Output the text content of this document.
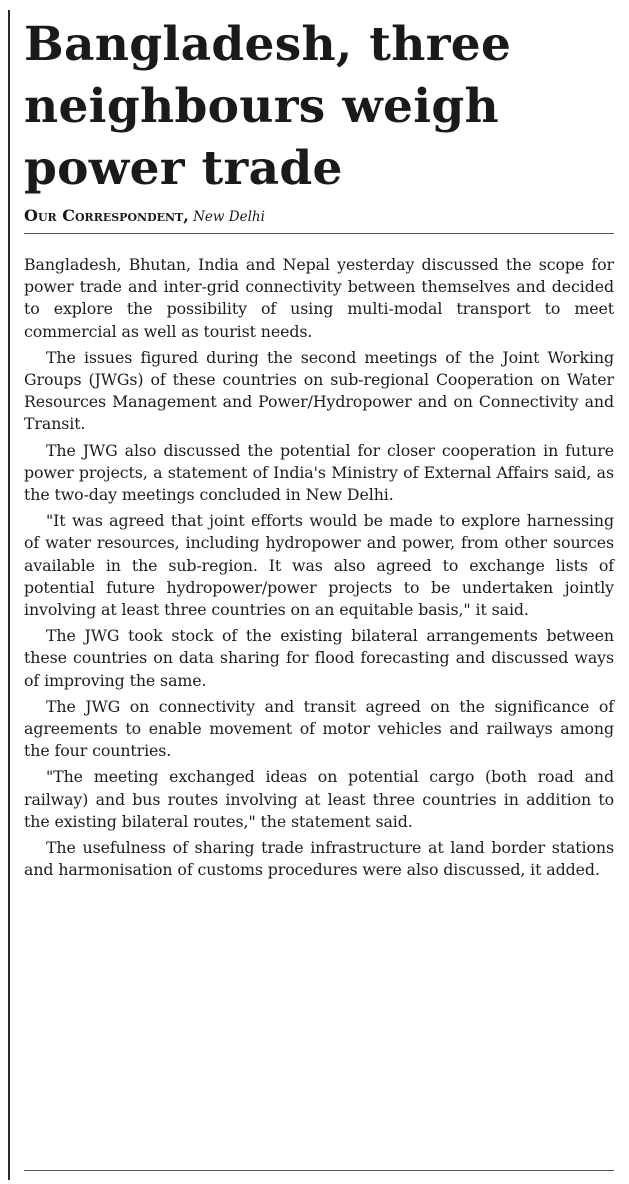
Bangladesh, three
neighbours weigh
power trade
Our Correspondent, New Delhi

Bangladesh, Bhutan, India and Nepal yesterday discussed the scope for power trade and inter-grid connectivity between themselves and decided to explore the possibility of using multi-modal transport to meet commercial as well as tourist needs.

The issues figured during the second meetings of the Joint Working Groups (JWGs) of these countries on sub-regional Cooperation on Water Resources Management and Power/Hydropower and on Connectivity and Transit.

The JWG also discussed the potential for closer cooperation in future power projects, a statement of India's Ministry of External Affairs said, as the two-day meetings concluded in New Delhi.

"It was agreed that joint efforts would be made to explore harnessing of water resources, including hydropower and power, from other sources available in the sub-region. It was also agreed to exchange lists of potential future hydropower/power projects to be undertaken jointly involving at least three countries on an equitable basis," it said.

The JWG took stock of the existing bilateral arrangements between these countries on data sharing for flood forecasting and discussed ways of improving the same.

The JWG on connectivity and transit agreed on the significance of agreements to enable movement of motor vehicles and railways among the four countries.

"The meeting exchanged ideas on potential cargo (both road and railway) and bus routes involving at least three countries in addition to the existing bilateral routes," the statement said.

The usefulness of sharing trade infrastructure at land border stations and harmonisation of customs procedures were also discussed, it added.
